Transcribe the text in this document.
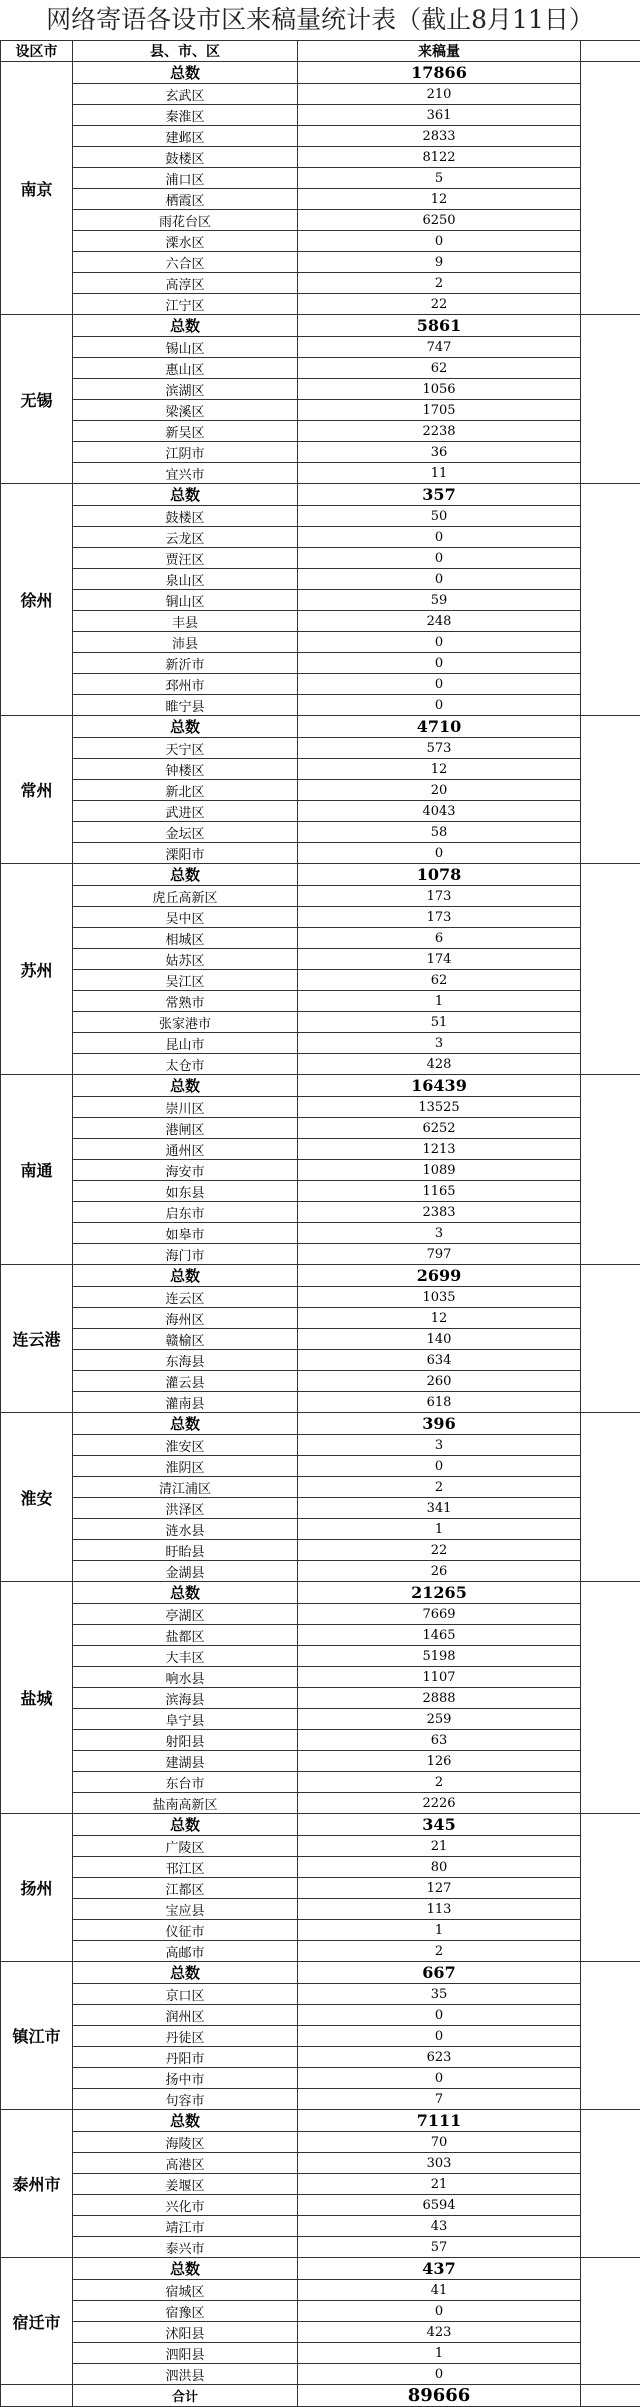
网络寄语各设市区来稿量统计表（截止8月11日）
设区市	县、市、区	来稿量	
南京	总数	17866	
	玄武区	210	
	秦淮区	361	
	建邺区	2833	
	鼓楼区	8122	
	浦口区	5	
	栖霞区	12	
	雨花台区	6250	
	溧水区	0	
	六合区	9	
	高淳区	2	
	江宁区	22	
无锡	总数	5861	
	锡山区	747	
	惠山区	62	
	滨湖区	1056	
	梁溪区	1705	
	新吴区	2238	
	江阴市	36	
	宜兴市	11	
徐州	总数	357	
	鼓楼区	50	
	云龙区	0	
	贾汪区	0	
	泉山区	0	
	铜山区	59	
	丰县	248	
	沛县	0	
	新沂市	0	
	邳州市	0	
	睢宁县	0	
常州	总数	4710	
	天宁区	573	
	钟楼区	12	
	新北区	20	
	武进区	4043	
	金坛区	58	
	溧阳市	0	
苏州	总数	1078	
	虎丘高新区	173	
	吴中区	173	
	相城区	6	
	姑苏区	174	
	吴江区	62	
	常熟市	1	
	张家港市	51	
	昆山市	3	
	太仓市	428	
南通	总数	16439	
	崇川区	13525	
	港闸区	6252	
	通州区	1213	
	海安市	1089	
	如东县	1165	
	启东市	2383	
	如皋市	3	
	海门市	797	
连云港	总数	2699	
	连云区	1035	
	海州区	12	
	赣榆区	140	
	东海县	634	
	灌云县	260	
	灌南县	618	
淮安	总数	396	
	淮安区	3	
	淮阴区	0	
	清江浦区	2	
	洪泽区	341	
	涟水县	1	
	盱眙县	22	
	金湖县	26	
盐城	总数	21265	
	亭湖区	7669	
	盐都区	1465	
	大丰区	5198	
	响水县	1107	
	滨海县	2888	
	阜宁县	259	
	射阳县	63	
	建湖县	126	
	东台市	2	
	盐南高新区	2226	
扬州	总数	345	
	广陵区	21	
	邗江区	80	
	江都区	127	
	宝应县	113	
	仪征市	1	
	高邮市	2	
镇江市	总数	667	
	京口区	35	
	润州区	0	
	丹徒区	0	
	丹阳市	623	
	扬中市	0	
	句容市	7	
泰州市	总数	7111	
	海陵区	70	
	高港区	303	
	姜堰区	21	
	兴化市	6594	
	靖江市	43	
	泰兴市	57	
宿迁市	总数	437	
	宿城区	41	
	宿豫区	0	
	沭阳县	423	
	泗阳县	1	
	泗洪县	0	
	合计	89666	
